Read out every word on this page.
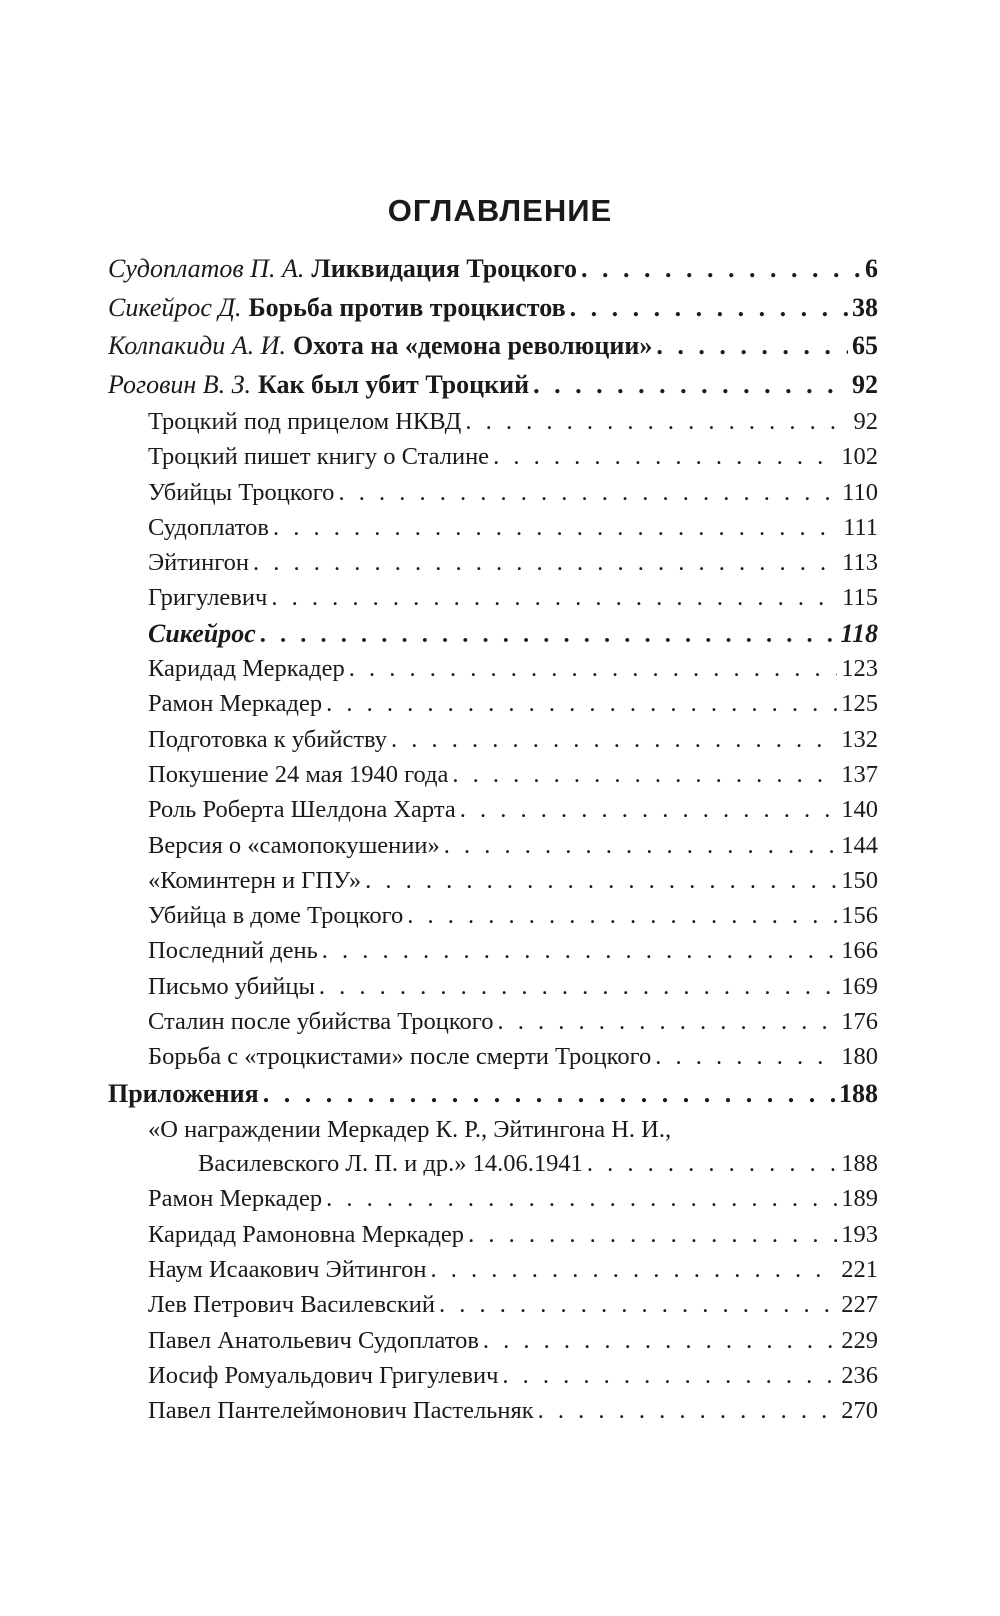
ОГЛАВЛЕНИЕ
Судоплатов П. А. Ликвидация Троцкого . . .	6
Сикейрос Д. Борьба против троцкистов . . .	38
Колпакиди А. И. Охота на «демона революции» . . .	65
Роговин В. З. Как был убит Троцкий . . .	92
Троцкий под прицелом НКВД . . .	92
Троцкий пишет книгу о Сталине . . .	102
Убийцы Троцкого . . .	110
Судоплатов . . .	111
Эйтингон . . .	113
Григулевич . . .	115
Сикейрос . . .	118
Каридад Меркадер . . .	123
Рамон Меркадер . . .	125
Подготовка к убийству . . .	132
Покушение 24 мая 1940 года . . .	137
Роль Роберта Шелдона Харта . . .	140
Версия о «самопокушении» . . .	144
«Коминтерн и ГПУ» . . .	150
Убийца в доме Троцкого . . .	156
Последний день . . .	166
Письмо убийцы . . .	169
Сталин после убийства Троцкого . . .	176
Борьба с «троцкистами» после смерти Троцкого . . .	180
Приложения . . .	188
«О награждении Меркадер К. Р., Эйтингона Н. И.,
Василевского Л. П. и др.» 14.06.1941 . . .	188
Рамон Меркадер . . .	189
Каридад Рамоновна Меркадер . . .	193
Наум Исаакович Эйтингон . . .	221
Лев Петрович Василевский . . .	227
Павел Анатольевич Судоплатов . . .	229
Иосиф Ромуальдович Григулевич . . .	236
Павел Пантелеймонович Пастельняк . . .	270
